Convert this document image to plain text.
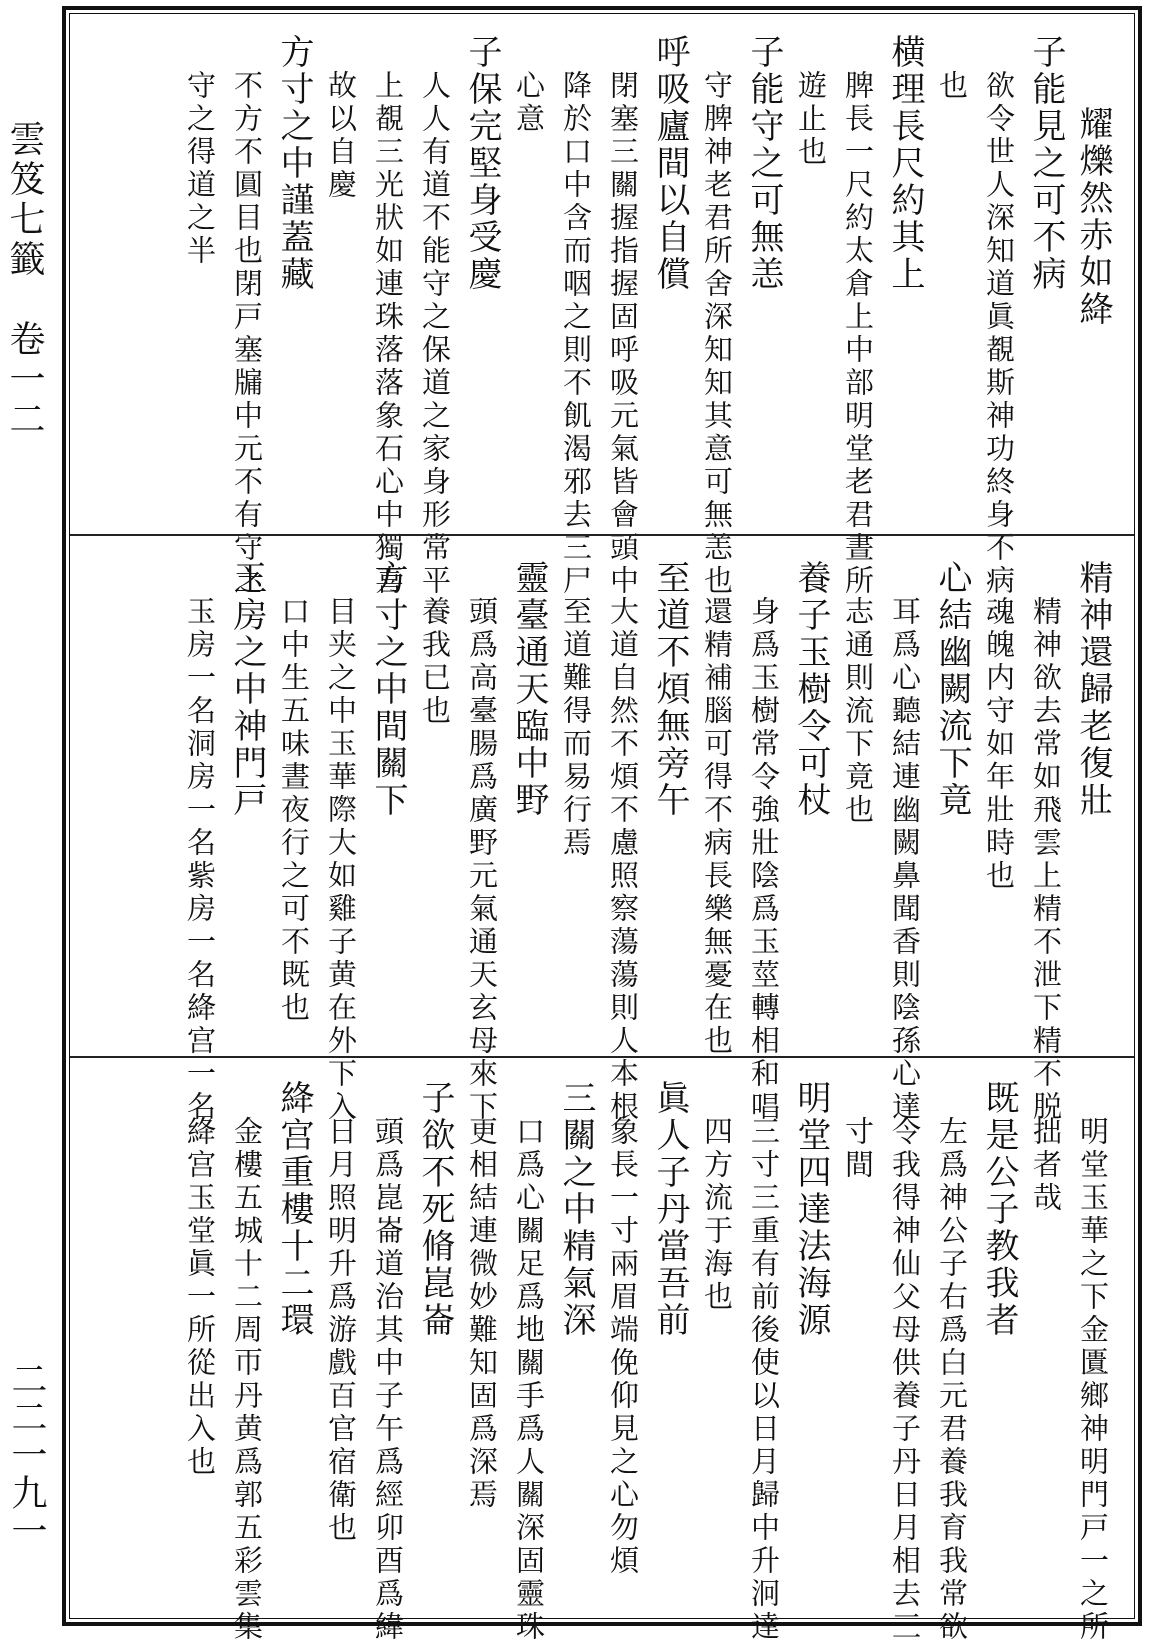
雲笈七籤　卷一二
二二一九一
耀爍然赤如絳
子能見之可不病
欲令世人深知道眞覩斯神功終身不病
也
横理長尺約其上
脾長一尺約太倉上中部明堂老君晝所
遊止也
子能守之可無恙
守脾神老君所舍深知知其意可無恙也
呼吸廬間以自償
閉塞三關握指握固呼吸元氣皆會頭中
降於口中含而咽之則不飢渴邪去三尸
心意
子保完堅身受慶
人人有道不能守之保道之家身形常平
上覩三光狀如連珠落落象石心中獨喜
故以自慶
方寸之中謹蓋藏
不方不圓目也閉戸塞牖中元不有守之
守之得道之半
精神還歸老復壯
精神欲去常如飛雲上精不泄下精不脱
魂魄内守如年壯時也
心結幽闕流下竟
耳爲心聽結連幽闕鼻聞香則陰孫心達
志通則流下竟也
養子玉樹令可杖
身爲玉樹常令強壯陰爲玉莖轉相和唱
還精補腦可得不病長樂無憂在也
至道不煩無旁午
大道自然不煩不慮照察蕩蕩則人本根
至道難得而易行焉
靈臺通天臨中野
頭爲高臺腸爲廣野元氣通天玄母來下
養我已也
方寸之中間關下
目夹之中玉華際大如雞子黄在外下入
口中生五味晝夜行之可不既也
玉房之中神門戸
玉房一名洞房一名紫房一名絳宫一名
明堂玉華之下金匱鄉神明門戸一之所
拙者哉
既是公子教我者
左爲神公子右爲白元君養我育我常欲
令我得神仙父母供養子丹日月相去三
寸間
明堂四達法海源
三寸三重有前後使以日月歸中升泂達
四方流于海也
眞人子丹當吾前
象長一寸兩眉端俛仰見之心勿煩
三關之中精氣深
口爲心關足爲地關手爲人關深固靈珠
更相結連微妙難知固爲深焉
子欲不死脩崑崙
頭爲崑崙道治其中子午爲經卯酉爲緯
日月照明升爲游戲百官宿衛也
絳宫重樓十二環
金樓五城十二周帀丹黄爲郭五彩雲集
絳宫玉堂眞一所從出入也
